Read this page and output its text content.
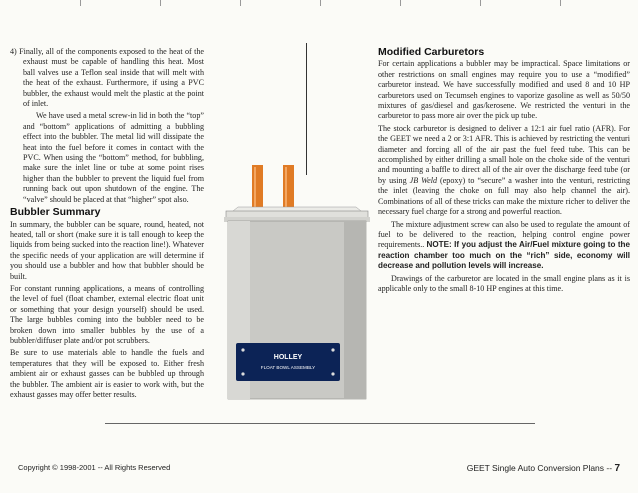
4) Finally, all of the components exposed to the heat of the exhaust must be capable of handling this heat. Most ball valves use a Teflon seal inside that will melt with the heat of the exhaust. Furthermore, if using a PVC bubbler, the exhaust would melt the plastic at the point of inlet.

We have used a metal screw-in lid in both the “top” and “bottom” applications of admitting a bubbling effect into the bubbler. The metal lid will dissipate the heat into the fuel before it comes in contact with the PVC. When using the “bottom” method, for bubbling, make sure the inlet line or tube at some point rises higher than the bubbler to prevent the liquid fuel from running back out upon shutdown of the engine. The “valve” should be placed at that “higher” spot also.

Bubbler Summary

In summary, the bubbler can be square, round, heated, not heated, tall or short (make sure it is tall enough to keep the liquids from being sucked into the reaction line!). Whatever the specific needs of your application are will determine if you should use a bubbler and how that bubbler should be built.

For constant running applications, a means of controlling the level of fuel (float chamber, external electric float unit or something that your design yourself) should be used. The large bubbles coming into the bubbler need to be broken down into smaller bubbles by the use of a bubbler/diffuser plate and/or pot scrubbers.

Be sure to use materials able to handle the fuels and temperatures that they will be exposed to. Either fresh ambient air or exhaust gasses can be bubbled up through the bubbler. The ambient air is easier to work with, but the exhaust gasses may offer better results.

Modified Carburetors

For certain applications a bubbler may be impractical. Space limitations or other restrictions on small engines may require you to use a “modified” carburetor instead. We have successfully modified and used 8 and 10 HP carburetors used on Tecumseh engines to vaporize gasoline as well as 50/50 mixtures of gas/diesel and gas/kerosene. We restricted the venturi in the carburetor to pass more air over the pick up tube.

The stock carburetor is designed to deliver a 12:1 air fuel ratio (AFR). For the GEET we need a 2 or 3:1 AFR. This is achieved by restricting the venturi diameter and forcing all of the air past the fuel feed tube. This can be accomplished by either drilling a small hole on the choke side of the venturi and mounting a baffle to direct all of the air over the discharge feed tube (or by using JB Weld (epoxy) to “secure” a washer into the venturi, restricting the inlet (leaving the choke on full may also help channel the air). Combinations of all of these tricks can make the mixture richer to deliver the necessary fuel charge for a strong and powerful reaction.

The mixture adjustment screw can also be used to regulate the amount of fuel to be delivered to the reaction, helping control engine power requirements.. NOTE: If you adjust the Air/Fuel mixture going to the reaction chamber too much on the “rich” side, economy will decrease and pollution levels will increase.

Drawings of the carburetor are located in the small engine plans as it is applicable only to the small 8-10 HP engines at this time.

HOLLEY
FLOAT BOWL ASSEMBLY
Copyright © 1998-2001 -- All Rights Reserved	GEET Single Auto Conversion Plans -- 7
